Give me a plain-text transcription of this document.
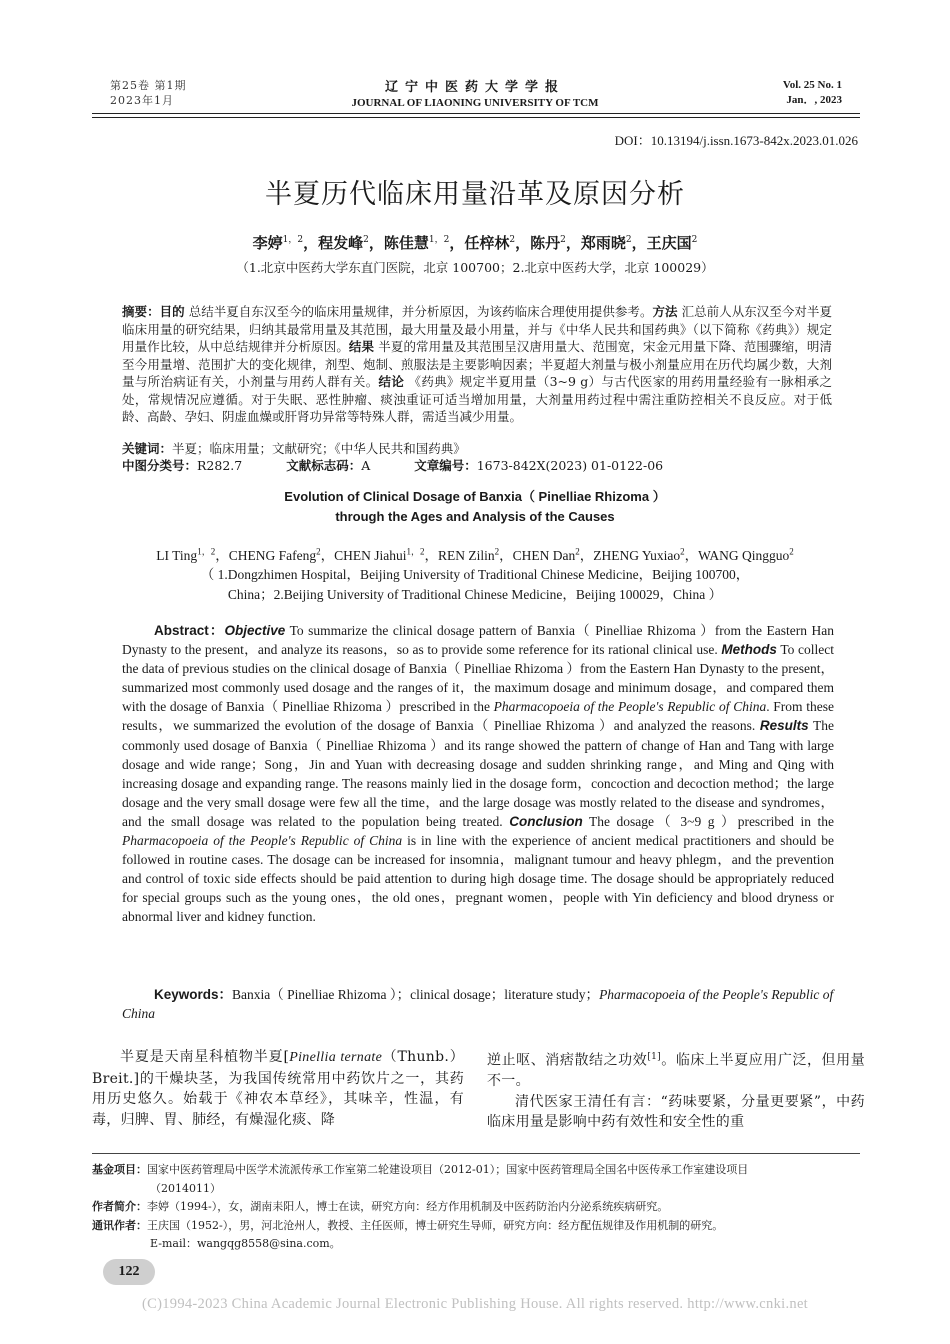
第25卷 第1期
2023年1月
辽宁中医药大学学报
JOURNAL OF LIAONING UNIVERSITY OF TCM
Vol. 25 No. 1
Jan．, 2023
DOI：10.13194/j.issn.1673-842x.2023.01.026
半夏历代临床用量沿革及原因分析
李婷$^{1,2}$，程发峰$^2$，陈佳慧$^{1,2}$，任梓林$^2$，陈丹$^2$，郑雨晓$^2$，王庆国$^2$
（1.北京中医药大学东直门医院，北京 100700；2.北京中医药大学，北京 100029）
摘要：目的 总结半夏自东汉至今的临床用量规律，并分析原因，为该药临床合理使用提供参考。方法 汇总前人从东汉至今对半夏临床用量的研究结果，归纳其最常用量及其范围，最大用量及最小用量，并与《中华人民共和国药典》（以下简称《药典》）规定用量作比较，从中总结规律并分析原因。结果 半夏的常用量及其范围呈汉唐用量大、范围宽，宋金元用量下降、范围骤缩，明清至今用量增、范围扩大的变化规律，剂型、炮制、煎服法是主要影响因素；半夏超大剂量与极小剂量应用在历代均属少数，大剂量与所治病证有关，小剂量与用药人群有关。结论 《药典》规定半夏用量（3~9 g）与古代医家的用药用量经验有一脉相承之处，常规情况应遵循。对于失眠、恶性肿瘤、痰浊重证可适当增加用量，大剂量用药过程中需注重防控相关不良反应。对于低龄、高龄、孕妇、阴虚血燥或肝肾功异常等特殊人群，需适当减少用量。
关键词：半夏；临床用量；文献研究；《中华人民共和国药典》
中图分类号：R282.7	文献标志码：A	文章编号：1673-842X(2023) 01-0122-06
Evolution of Clinical Dosage of Banxia（ Pinelliae Rhizoma ）
through the Ages and Analysis of the Causes
LI Ting$^{1,2}$，CHENG Fafeng$^2$，CHEN Jiahui$^{1,2}$，REN Zilin$^2$，CHEN Dan$^2$，ZHENG Yuxiao$^2$，WANG Qingguo$^2$
（ 1.Dongzhimen Hospital，Beijing University of Traditional Chinese Medicine，Beijing 100700，
China；2.Beijing University of Traditional Chinese Medicine，Beijing 100029，China ）
Abstract：Objective To summarize the clinical dosage pattern of Banxia（ Pinelliae Rhizoma ）from the Eastern Han Dynasty to the present，and analyze its reasons，so as to provide some reference for its rational clinical use. Methods To collect the data of previous studies on the clinical dosage of Banxia（ Pinelliae Rhizoma ）from the Eastern Han Dynasty to the present，summarized most commonly used dosage and the ranges of it，the maximum dosage and minimum dosage，and compared them with the dosage of Banxia（ Pinelliae Rhizoma ）prescribed in the Pharmacopoeia of the People's Republic of China. From these results，we summarized the evolution of the dosage of Banxia（ Pinelliae Rhizoma ）and analyzed the reasons. Results The commonly used dosage of Banxia（ Pinelliae Rhizoma ）and its range showed the pattern of change of Han and Tang with large dosage and wide range；Song，Jin and Yuan with decreasing dosage and sudden shrinking range，and Ming and Qing with increasing dosage and expanding range. The reasons mainly lied in the dosage form，concoction and decoction method；the large dosage and the very small dosage were few all the time，and the large dosage was mostly related to the disease and syndromes，and the small dosage was related to the population being treated. Conclusion The dosage（ 3~9 g ）prescribed in the Pharmacopoeia of the People's Republic of China is in line with the experience of ancient medical practitioners and should be followed in routine cases. The dosage can be increased for insomnia，malignant tumour and heavy phlegm，and the prevention and control of toxic side effects should be paid attention to during high dosage time. The dosage should be appropriately reduced for special groups such as the young ones，the old ones，pregnant women，people with Yin deficiency and blood dryness or abnormal liver and kidney function.
Keywords：Banxia（ Pinelliae Rhizoma ）；clinical dosage；literature study；Pharmacopoeia of the People's Republic of China

半夏是天南星科植物半夏[Pinellia ternate（Thunb.）Breit.]的干燥块茎，为我国传统常用中药饮片之一，其药用历史悠久。始载于《神农本草经》，其味辛，性温，有毒，归脾、胃、肺经，有燥湿化痰、降

逆止呕、消痞散结之功效[1]。临床上半夏应用广泛，但用量不一。

清代医家王清任有言：“药味要紧，分量更要紧”，中药临床用量是影响中药有效性和安全性的重

基金项目：国家中医药管理局中医学术流派传承工作室第二轮建设项目（2012-01）；国家中医药管理局全国名中医传承工作室建设项目
（2014011）
作者简介：李婷（1994-），女，湖南耒阳人，博士在读，研究方向：经方作用机制及中医药防治内分泌系统疾病研究。
通讯作者：王庆国（1952-），男，河北沧州人，教授、主任医师，博士研究生导师，研究方向：经方配伍规律及作用机制的研究。
E-mail：wangqg8558@sina.com。
122
(C)1994-2023 China Academic Journal Electronic Publishing House. All rights reserved. http://www.cnki.net
